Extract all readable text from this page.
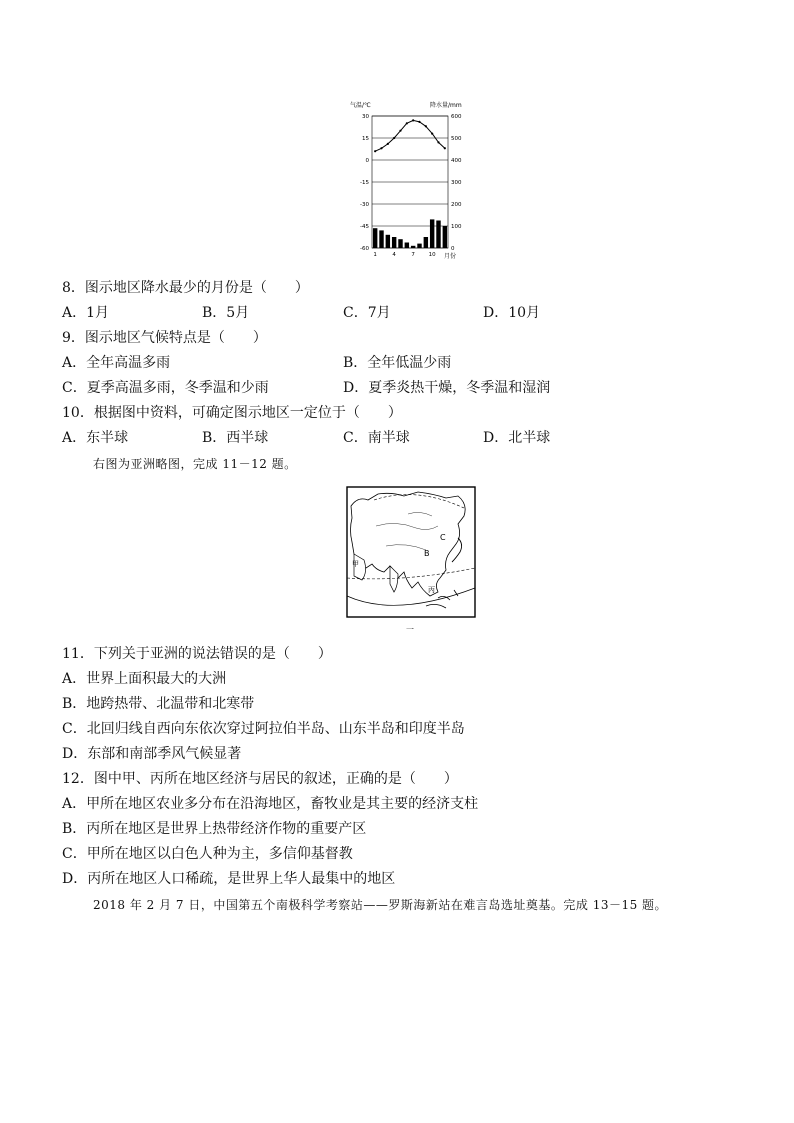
气温/℃	降水量/mm
30
15
0
-15
-30
-45
-60
600
500
400
300
200
100
0
1	4	7	10 月份
8．图示地区降水最少的月份是（　　）
A．1月	B．5月	C．7月	D．10月
9．图示地区气候特点是（　　）
A．全年高温多雨	B．全年低温少雨
C．夏季高温多雨，冬季温和少雨	D．夏季炎热干燥，冬季温和湿润
10．根据图中资料，可确定图示地区一定位于（　　）
A．东半球	B．西半球	C．南半球	D．北半球
右图为亚洲略图，完成 11－12 题。
甲
B
C
丙
一
11．下列关于亚洲的说法错误的是（　　）
A．世界上面积最大的大洲
B．地跨热带、北温带和北寒带
C．北回归线自西向东依次穿过阿拉伯半岛、山东半岛和印度半岛
D．东部和南部季风气候显著
12．图中甲、丙所在地区经济与居民的叙述，正确的是（　　）
A．甲所在地区农业多分布在沿海地区，畜牧业是其主要的经济支柱
B．丙所在地区是世界上热带经济作物的重要产区
C．甲所在地区以白色人种为主，多信仰基督教
D．丙所在地区人口稀疏，是世界上华人最集中的地区
2018 年 2 月 7 日，中国第五个南极科学考察站——罗斯海新站在难言岛选址奠基。完成 13－15 题。
